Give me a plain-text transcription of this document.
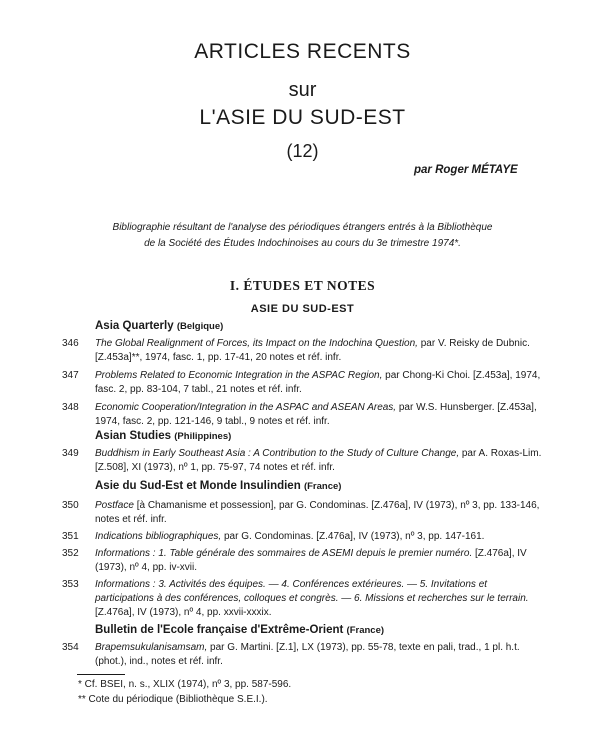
ARTICLES RECENTS
sur
L'ASIE DU SUD-EST
(12)
par Roger MÉTAYE
Bibliographie résultant de l'analyse des périodiques étrangers entrés à la Bibliothèque
de la Société des Études Indochinoises au cours du 3e trimestre 1974*.
I. ÉTUDES ET NOTES
ASIE DU SUD-EST
Asia Quarterly (Belgique)
346	The Global Realignment of Forces, its Impact on the Indochina Question, par V. Reisky de Dubnic. [Z.453a]**, 1974, fasc. 1, pp. 17-41, 20 notes et réf. infr.
347	Problems Related to Economic Integration in the ASPAC Region, par Chong-Ki Choi. [Z.453a], 1974, fasc. 2, pp. 83-104, 7 tabl., 21 notes et réf. infr.
348	Economic Cooperation/Integration in the ASPAC and ASEAN Areas, par W.S. Hunsberger. [Z.453a], 1974, fasc. 2, pp. 121-146, 9 tabl., 9 notes et réf. infr.
Asian Studies (Philippines)
349	Buddhism in Early Southeast Asia : A Contribution to the Study of Culture Change, par A. Roxas-Lim. [Z.508], XI (1973), nº 1, pp. 75-97, 74 notes et réf. infr.
Asie du Sud-Est et Monde Insulindien (France)
350	Postface [à Chamanisme et possession], par G. Condominas. [Z.476a], IV (1973), nº 3, pp. 133-146, notes et réf. infr.
351	Indications bibliographiques, par G. Condominas. [Z.476a], IV (1973), nº 3, pp. 147-161.
352	Informations : 1. Table générale des sommaires de ASEMI depuis le premier numéro. [Z.476a], IV (1973), nº 4, pp. iv-xvii.
353	Informations : 3. Activités des équipes. — 4. Conférences extérieures. — 5. Invitations et participations à des conférences, colloques et congrès. — 6. Missions et recherches sur le terrain. [Z.476a], IV (1973), nº 4, pp. xxvii-xxxix.
Bulletin de l'Ecole française d'Extrême-Orient (France)
354	Brapemsukulanisamsam, par G. Martini. [Z.1], LX (1973), pp. 55-78, texte en pali, trad., 1 pl. h.t. (phot.), ind., notes et réf. infr.
* Cf. BSEI, n. s., XLIX (1974), nº 3, pp. 587-596.
** Cote du périodique (Bibliothèque S.E.I.).
